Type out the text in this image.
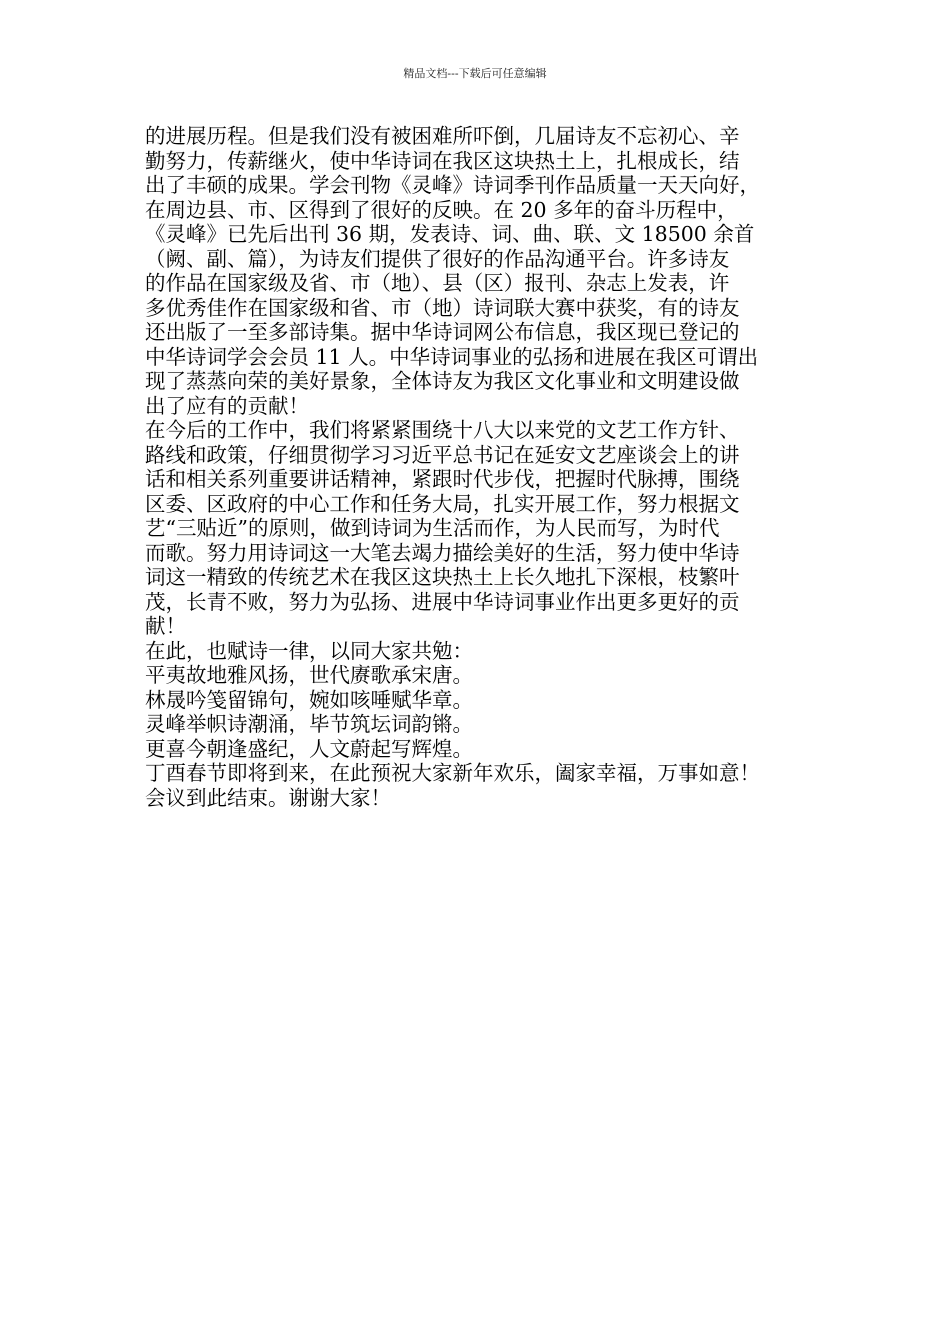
精品文档---下载后可任意编辑
的进展历程。但是我们没有被困难所吓倒，几届诗友不忘初心、辛
勤努力，传薪继火，使中华诗词在我区这块热土上，扎根成长，结
出了丰硕的成果。学会刊物《灵峰》诗词季刊作品质量一天天向好，
在周边县、市、区得到了很好的反映。在 20 多年的奋斗历程中，
《灵峰》已先后出刊 36 期，发表诗、词、曲、联、文 18500 余首
（阙、副、篇），为诗友们提供了很好的作品沟通平台。许多诗友
的作品在国家级及省、市（地）、县（区）报刊、杂志上发表，许
多优秀佳作在国家级和省、市（地）诗词联大赛中获奖，有的诗友
还出版了一至多部诗集。据中华诗词网公布信息，我区现已登记的
中华诗词学会会员 11 人。中华诗词事业的弘扬和进展在我区可谓出
现了蒸蒸向荣的美好景象，全体诗友为我区文化事业和文明建设做
出了应有的贡献！
在今后的工作中，我们将紧紧围绕十八大以来党的文艺工作方针、
路线和政策，仔细贯彻学习习近平总书记在延安文艺座谈会上的讲
话和相关系列重要讲话精神，紧跟时代步伐，把握时代脉搏，围绕
区委、区政府的中心工作和任务大局，扎实开展工作，努力根据文
艺“三贴近”的原则，做到诗词为生活而作，为人民而写，为时代
而歌。努力用诗词这一大笔去竭力描绘美好的生活，努力使中华诗
词这一精致的传统艺术在我区这块热土上长久地扎下深根，枝繁叶
茂，长青不败，努力为弘扬、进展中华诗词事业作出更多更好的贡
献！
在此，也赋诗一律，以同大家共勉：
平夷故地雅风扬，世代赓歌承宋唐。
林晟吟笺留锦句，婉如咳唾赋华章。
灵峰举帜诗潮涌，毕节筑坛词韵锵。
更喜今朝逢盛纪，人文蔚起写辉煌。
丁酉春节即将到来，在此预祝大家新年欢乐，阖家幸福，万事如意！
会议到此结束。谢谢大家！
